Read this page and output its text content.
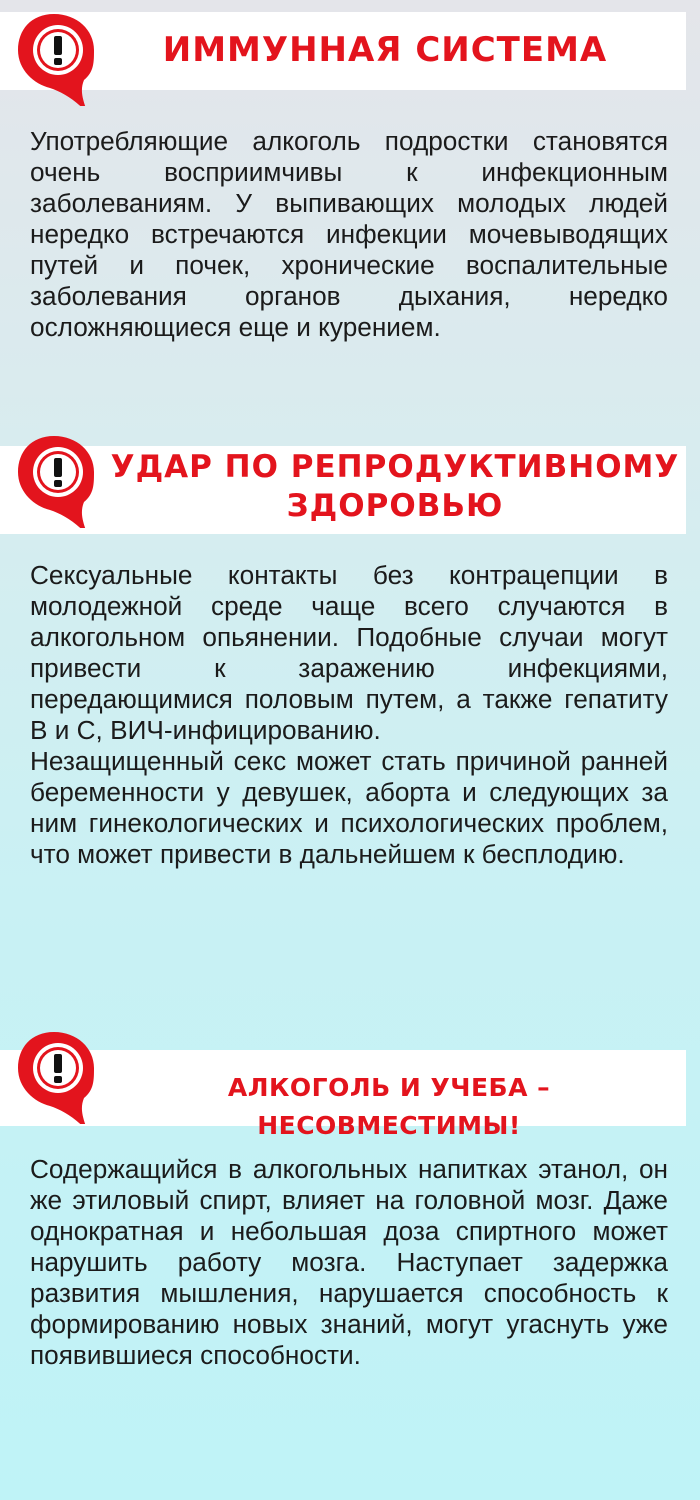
ИММУННАЯ СИСТЕМА

Употребляющие алкоголь подростки становятся очень восприимчивы к инфекционным заболеваниям. У выпивающих молодых людей нередко встречаются инфекции мочевыводящих путей и почек, хронические воспалительные заболевания органов дыхания, нередко осложняющиеся еще и курением.

УДАР ПО РЕПРОДУКТИВНОМУ
ЗДОРОВЬЮ

Сексуальные контакты без контрацепции в молодежной среде чаще всего случаются в алкогольном опьянении. Подобные случаи могут привести к заражению инфекциями, передающимися половым путем, а также гепатиту В и С, ВИЧ-инфицированию.

Незащищенный секс может стать причиной ранней беременности у девушек, аборта и следующих за ним гинекологических и психологических проблем, что может привести в дальнейшем к бесплодию.

АЛКОГОЛЬ И УЧЕБА – НЕСОВМЕСТИМЫ!

Содержащийся в алкогольных напитках этанол, он же этиловый спирт, влияет на головной мозг. Даже однократная и небольшая доза спиртного может нарушить работу мозга. Наступает задержка развития мышления, нарушается способность к формированию новых знаний, могут угаснуть уже появившиеся способности.
